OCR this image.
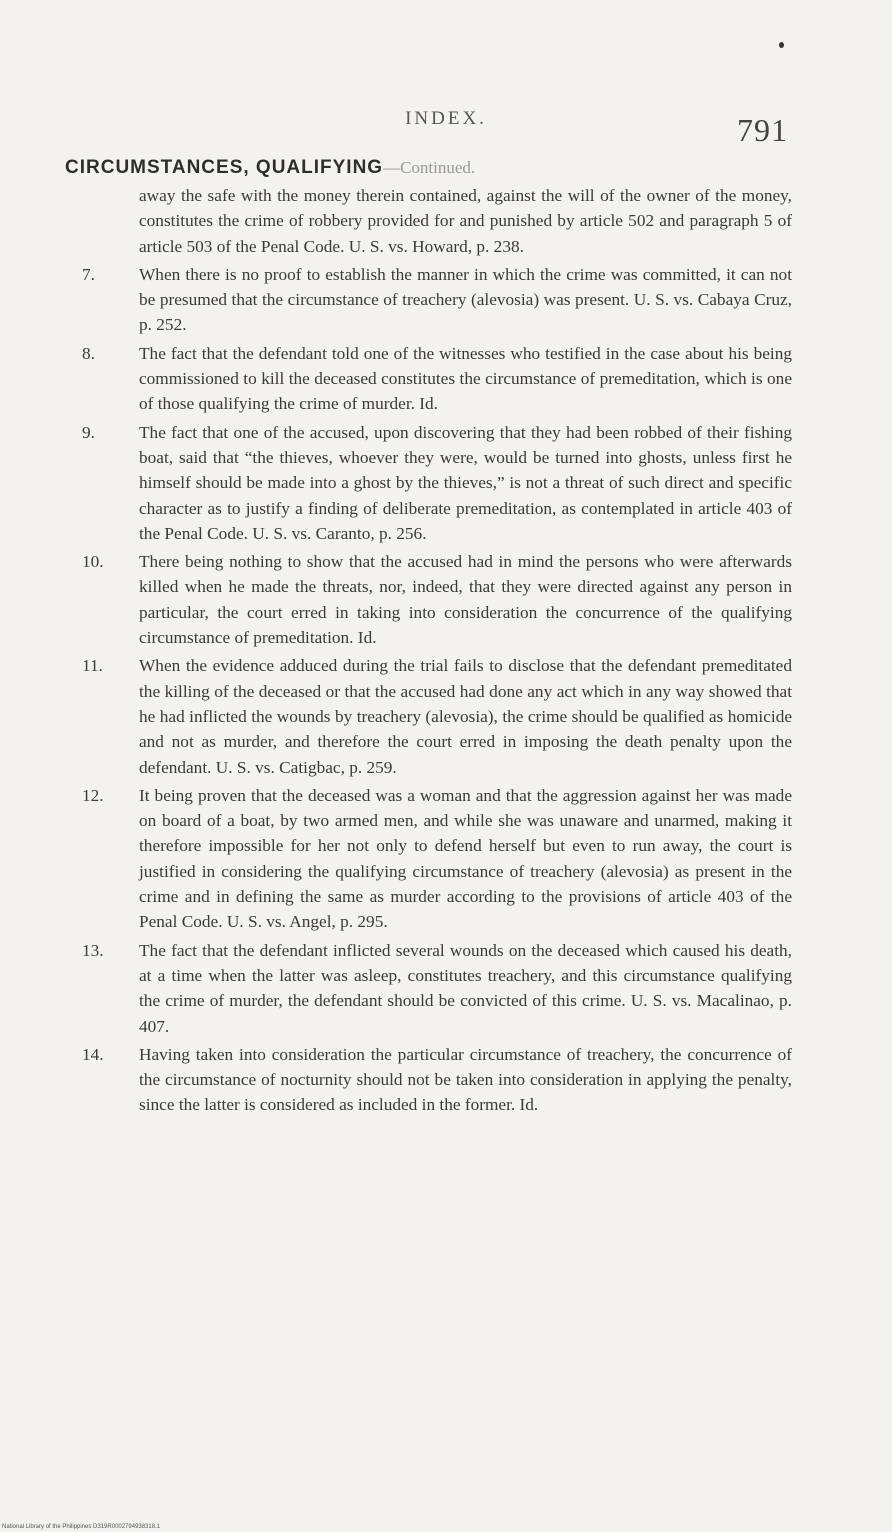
INDEX.	791
CIRCUMSTANCES, QUALIFYING—Continued.
away the safe with the money therein contained, against the will of the owner of the money, constitutes the crime of robbery provided for and punished by article 502 and paragraph 5 of article 503 of the Penal Code. U. S. vs. Howard, p. 238.
7.	When there is no proof to establish the manner in which the crime was committed, it can not be presumed that the circumstance of treachery (alevosia) was present. U. S. vs. Cabaya Cruz, p. 252.
8.	The fact that the defendant told one of the witnesses who testified in the case about his being commissioned to kill the deceased constitutes the circumstance of premeditation, which is one of those qualifying the crime of murder. Id.
9.	The fact that one of the accused, upon discovering that they had been robbed of their fishing boat, said that “the thieves, whoever they were, would be turned into ghosts, unless first he himself should be made into a ghost by the thieves,” is not a threat of such direct and specific character as to justify a finding of deliberate premeditation, as contemplated in article 403 of the Penal Code. U. S. vs. Caranto, p. 256.
10. There being nothing to show that the accused had in mind the persons who were afterwards killed when he made the threats, nor, indeed, that they were directed against any person in particular, the court erred in taking into consideration the concurrence of the qualifying circumstance of premeditation. Id.
11. When the evidence adduced during the trial fails to disclose that the defendant premeditated the killing of the deceased or that the accused had done any act which in any way showed that he had inflicted the wounds by treachery (alevosia), the crime should be qualified as homicide and not as murder, and therefore the court erred in imposing the death penalty upon the defendant. U. S. vs. Catigbac, p. 259.
12. It being proven that the deceased was a woman and that the aggression against her was made on board of a boat, by two armed men, and while she was unaware and unarmed, making it therefore impossible for her not only to defend herself but even to run away, the court is justified in considering the qualifying circumstance of treachery (alevosia) as present in the crime and in defining the same as murder according to the provisions of article 403 of the Penal Code. U. S. vs. Angel, p. 295.
13. The fact that the defendant inflicted several wounds on the deceased which caused his death, at a time when the latter was asleep, constitutes treachery, and this circumstance qualifying the crime of murder, the defendant should be convicted of this crime. U. S. vs. Macalinao, p. 407.
14. Having taken into consideration the particular circumstance of treachery, the concurrence of the circumstance of nocturnity should not be taken into consideration in applying the penalty, since the latter is considered as included in the former. Id.
National Library of the Philippines D319R0002794938318.1
